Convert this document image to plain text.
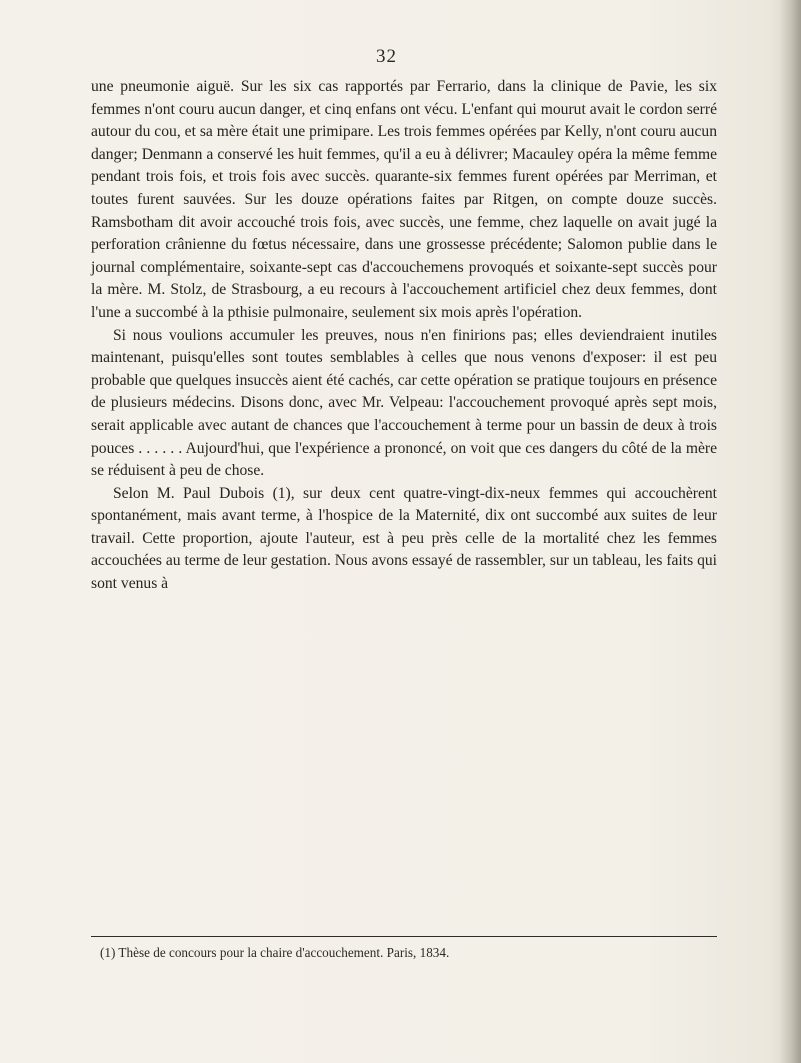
32

une pneumonie aiguë. Sur les six cas rapportés par Ferrario, dans la clinique de Pavie, les six femmes n'ont couru aucun danger, et cinq enfans ont vécu. L'enfant qui mourut avait le cordon serré autour du cou, et sa mère était une primipare. Les trois femmes opérées par Kelly, n'ont couru aucun danger; Denmann a conservé les huit femmes, qu'il a eu à délivrer; Macauley opéra la même femme pendant trois fois, et trois fois avec succès. quarante-six femmes furent opérées par Merriman, et toutes furent sauvées. Sur les douze opérations faites par Ritgen, on compte douze succès. Ramsbotham dit avoir accouché trois fois, avec succès, une femme, chez laquelle on avait jugé la perforation crânienne du fœtus nécessaire, dans une grossesse précédente; Salomon publie dans le journal complémentaire, soixante-sept cas d'accouchemens provoqués et soixante-sept succès pour la mère. M. Stolz, de Strasbourg, a eu recours à l'accouchement artificiel chez deux femmes, dont l'une a succombé à la pthisie pulmonaire, seulement six mois après l'opération.

Si nous voulions accumuler les preuves, nous n'en finirions pas; elles deviendraient inutiles maintenant, puisqu'elles sont toutes semblables à celles que nous venons d'exposer: il est peu probable que quelques insuccès aient été cachés, car cette opération se pratique toujours en présence de plusieurs médecins. Disons donc, avec Mr. Velpeau: l'accouchement provoqué après sept mois, serait applicable avec autant de chances que l'accouchement à terme pour un bassin de deux à trois pouces . . . . . . Aujourd'hui, que l'expérience a prononcé, on voit que ces dangers du côté de la mère se réduisent à peu de chose.

Selon M. Paul Dubois (1), sur deux cent quatre-vingt-dix-neux femmes qui accouchèrent spontanément, mais avant terme, à l'hospice de la Maternité, dix ont succombé aux suites de leur travail. Cette proportion, ajoute l'auteur, est à peu près celle de la mortalité chez les femmes accouchées au terme de leur gestation. Nous avons essayé de rassembler, sur un tableau, les faits qui sont venus à

(1) Thèse de concours pour la chaire d'accouchement. Paris, 1834.
